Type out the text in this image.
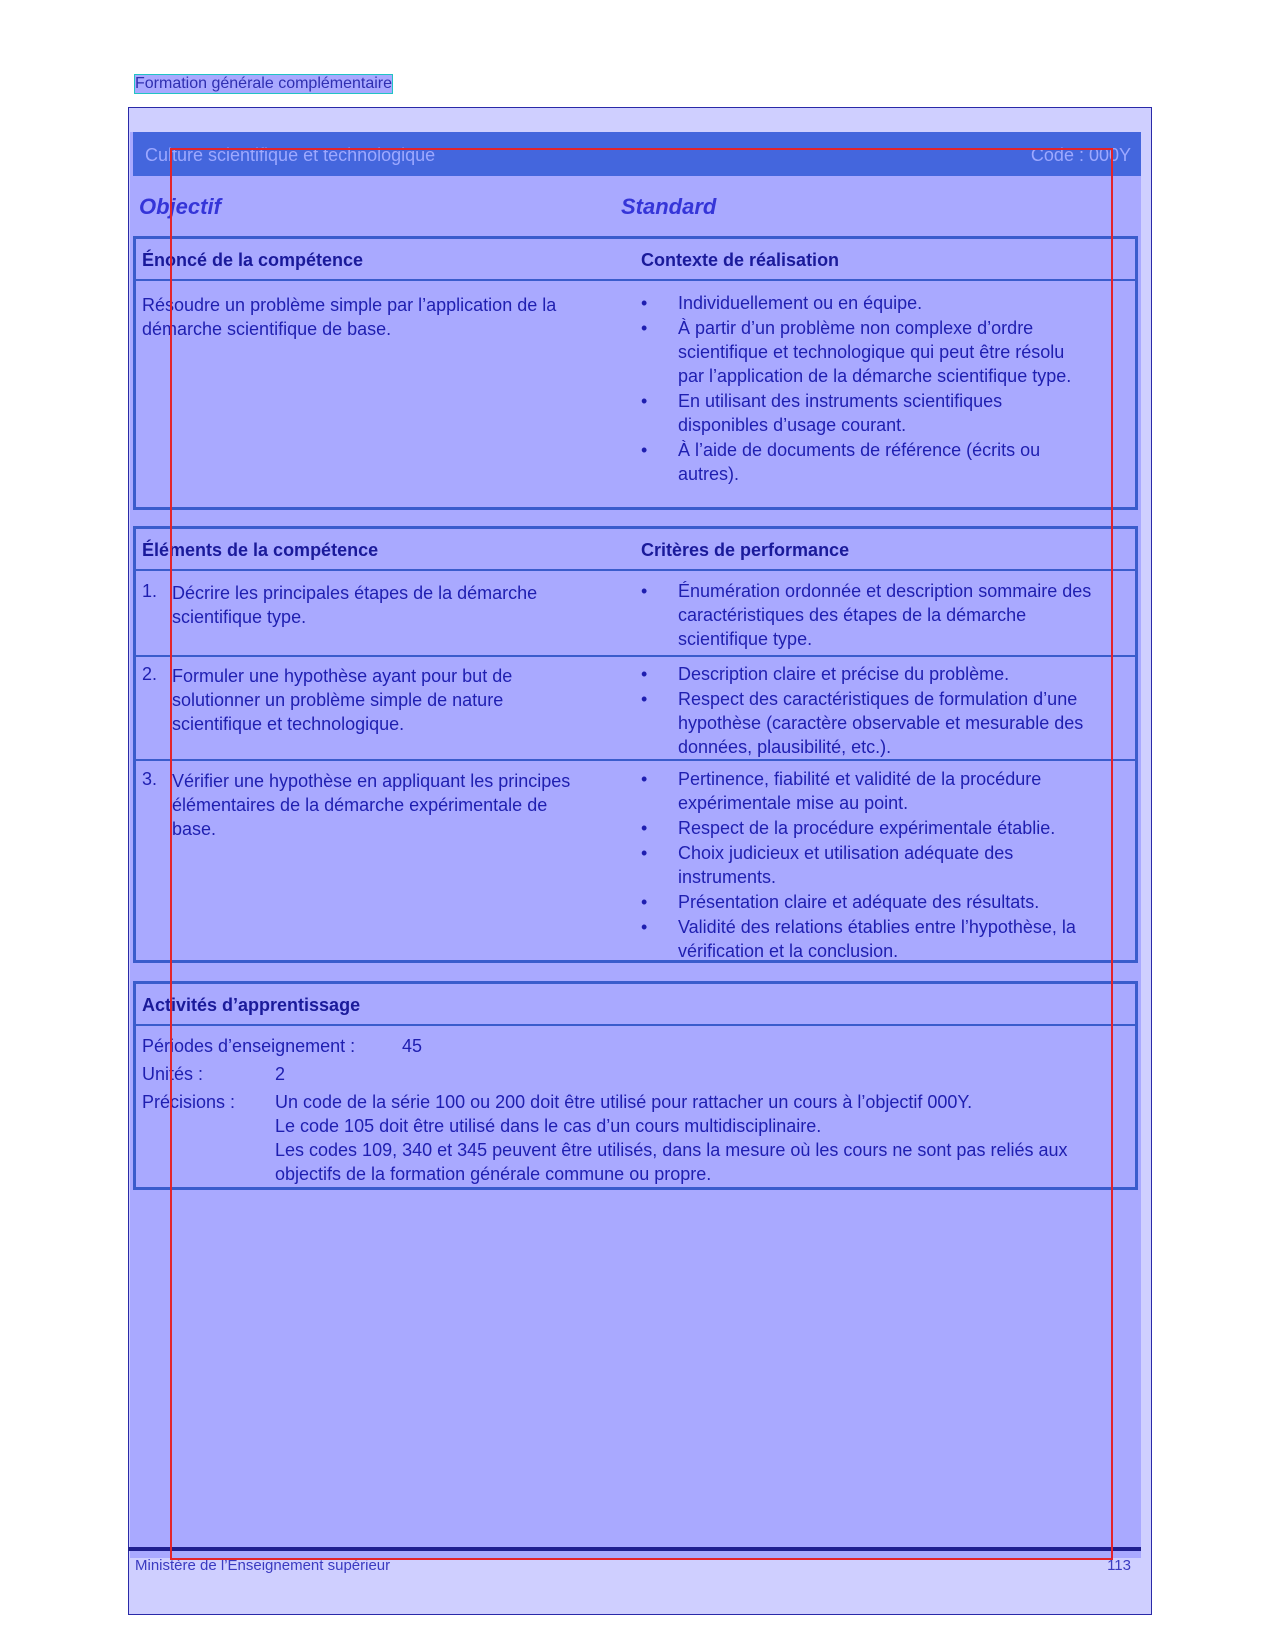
Formation générale complémentaire
Culture scientifique et technologique	Code : 000Y
Objectif	Standard
Énoncé de la compétence	Contexte de réalisation
Résoudre un problème simple par l’application de la démarche scientifique de base.
• Individuellement ou en équipe.
• À partir d’un problème non complexe d’ordre scientifique et technologique qui peut être résolu par l’application de la démarche scientifique type.
• En utilisant des instruments scientifiques disponibles d’usage courant.
• À l’aide de documents de référence (écrits ou autres).
Éléments de la compétence	Critères de performance
1. Décrire les principales étapes de la démarche scientifique type.
• Énumération ordonnée et description sommaire des caractéristiques des étapes de la démarche scientifique type.
2. Formuler une hypothèse ayant pour but de solutionner un problème simple de nature scientifique et technologique.
• Description claire et précise du problème.
• Respect des caractéristiques de formulation d’une hypothèse (caractère observable et mesurable des données, plausibilité, etc.).
3. Vérifier une hypothèse en appliquant les principes élémentaires de la démarche expérimentale de base.
• Pertinence, fiabilité et validité de la procédure expérimentale mise au point.
• Respect de la procédure expérimentale établie.
• Choix judicieux et utilisation adéquate des instruments.
• Présentation claire et adéquate des résultats.
• Validité des relations établies entre l’hypothèse, la vérification et la conclusion.
Activités d’apprentissage
Périodes d’enseignement :	45
Unités :	2
Précisions : Un code de la série 100 ou 200 doit être utilisé pour rattacher un cours à l’objectif 000Y.
Le code 105 doit être utilisé dans le cas d’un cours multidisciplinaire.
Les codes 109, 340 et 345 peuvent être utilisés, dans la mesure où les cours ne sont pas reliés aux objectifs de la formation générale commune ou propre.
Ministère de l’Enseignement supérieur	113
